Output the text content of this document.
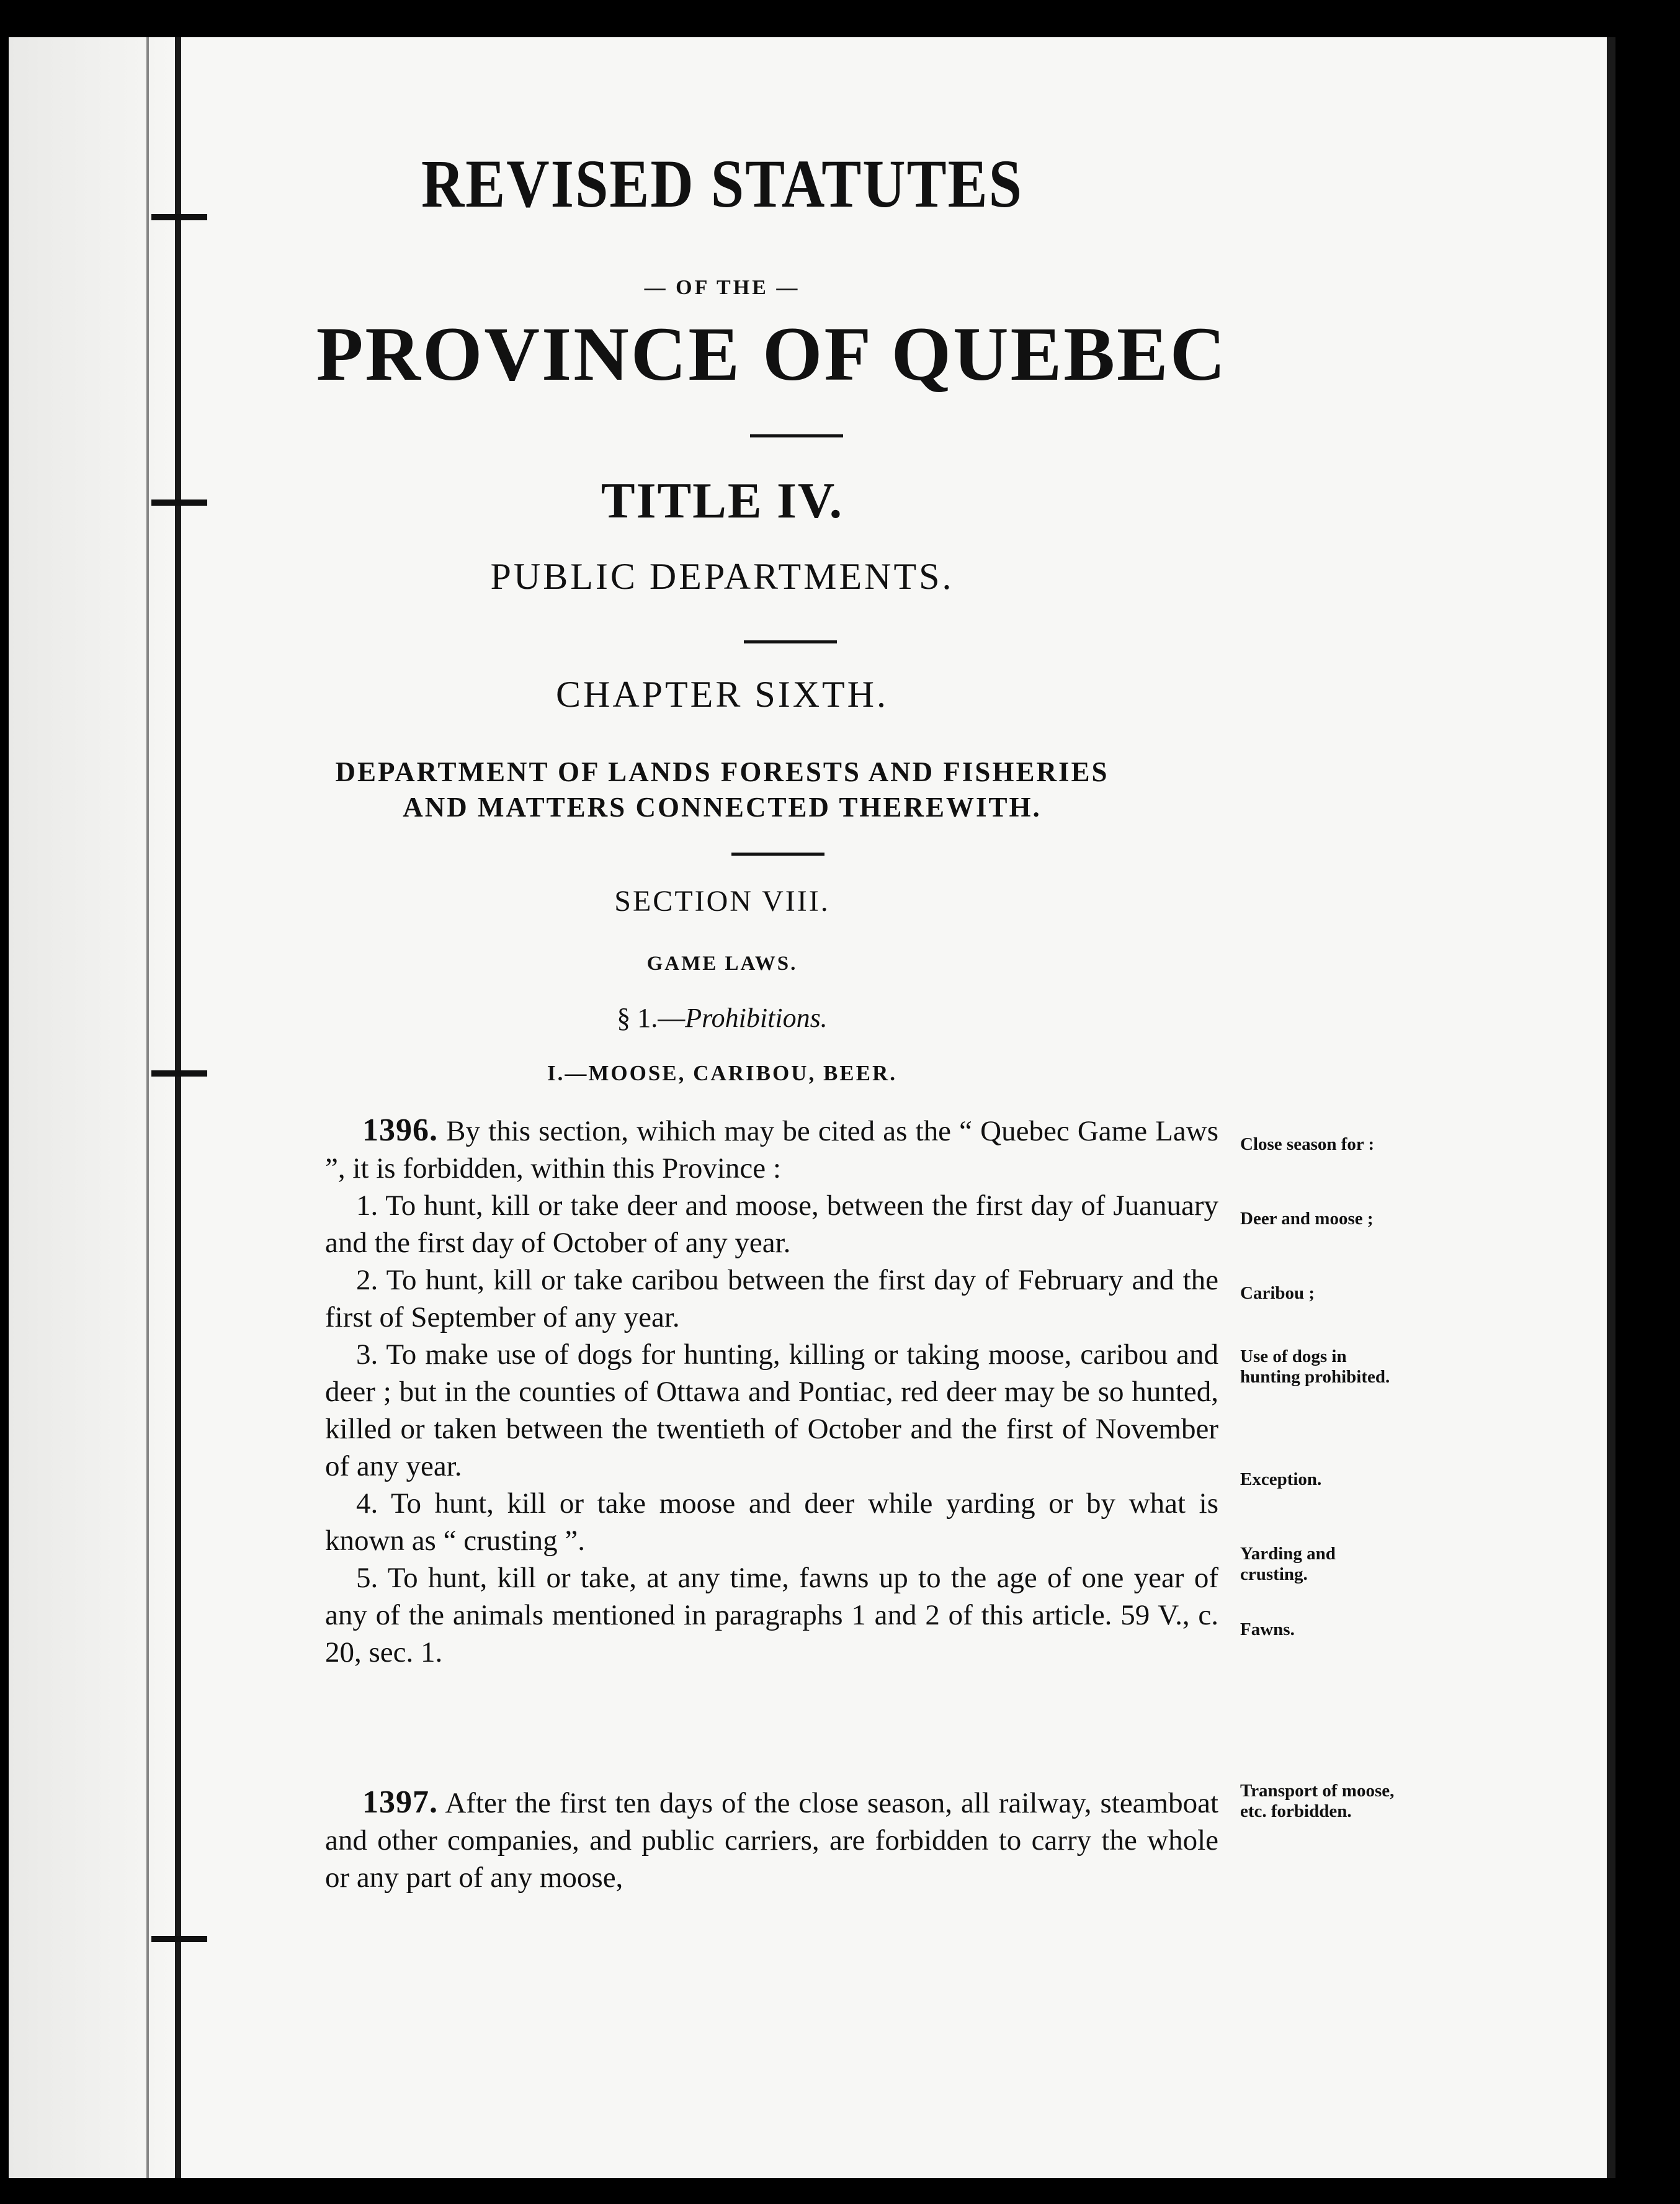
REVISED STATUTES
— OF THE —
PROVINCE OF QUEBEC
TITLE IV.
PUBLIC DEPARTMENTS.
CHAPTER SIXTH.
DEPARTMENT OF LANDS FORESTS AND FISHERIES
AND MATTERS CONNECTED THEREWITH.
SECTION VIII.
GAME LAWS.
§ 1.—Prohibitions.
I.—MOOSE, CARIBOU, BEER.

1396. By this section, wihich may be cited as the “ Quebec Game Laws ”, it is forbidden, within this Province :

1. To hunt, kill or take deer and moose, between the first day of Juanuary and the first day of October of any year.

2. To hunt, kill or take caribou between the first day of February and the first of September of any year.

3. To make use of dogs for hunting, killing or taking moose, caribou and deer ; but in the counties of Ottawa and Pontiac, red deer may be so hunted, killed or taken between the twentieth of October and the first of November of any year.

4. To hunt, kill or take moose and deer while yarding or by what is known as “ crusting ”.

5. To hunt, kill or take, at any time, fawns up to the age of one year of any of the animals mentioned in paragraphs 1 and 2 of this article. 59 V., c. 20, sec. 1.

1397. After the first ten days of the close season, all railway, steamboat and other companies, and public carriers, are forbidden to carry the whole or any part of any moose,

Close season for :
Deer and moose ;
Caribou ;
Use of dogs in hunting prohibited.
Exception.
Yarding and crusting.
Fawns.
Transport of moose, etc. forbidden.
